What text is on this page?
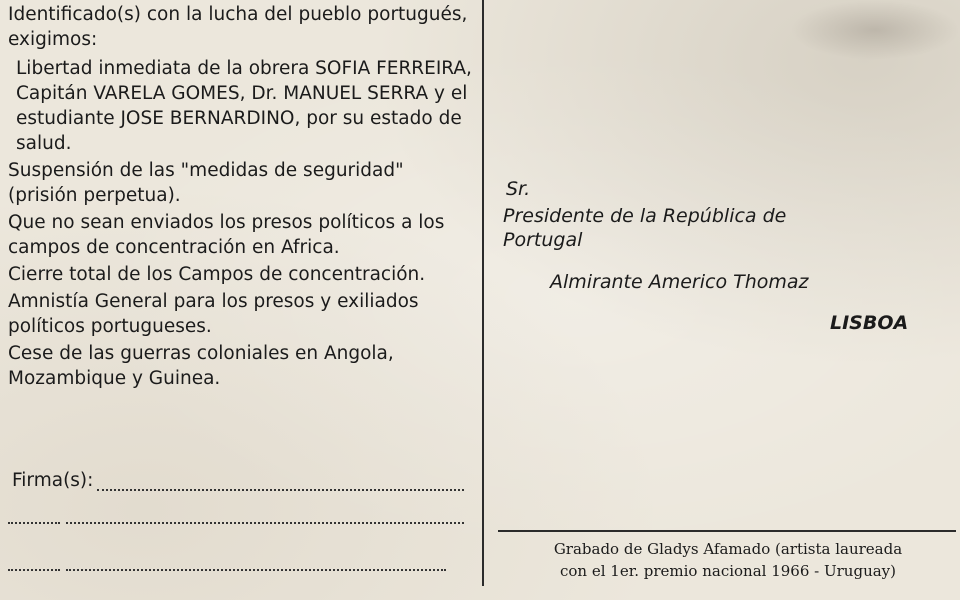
Identificado(s) con la lucha del pueblo portugués, exigimos:
Libertad inmediata de la obrera SOFIA FERREIRA, Capitán VARELA GOMES, Dr. MANUEL SERRA y el estudiante JOSE BERNARDINO, por su estado de salud.
Suspensión de las "medidas de seguridad" (prisión perpetua).
Que no sean enviados los presos políticos a los campos de concentración en Africa.
Cierre total de los Campos de concentración.
Amnistía General para los presos y exiliados políticos portugueses.
Cese de las guerras coloniales en Angola, Mozambique y Guinea.
Firma(s):
Sr.
Presidente de la República de Portugal
Almirante Americo Thomaz
LISBOA
Grabado de Gladys Afamado (artista laureada
con el 1er. premio nacional 1966 - Uruguay)
